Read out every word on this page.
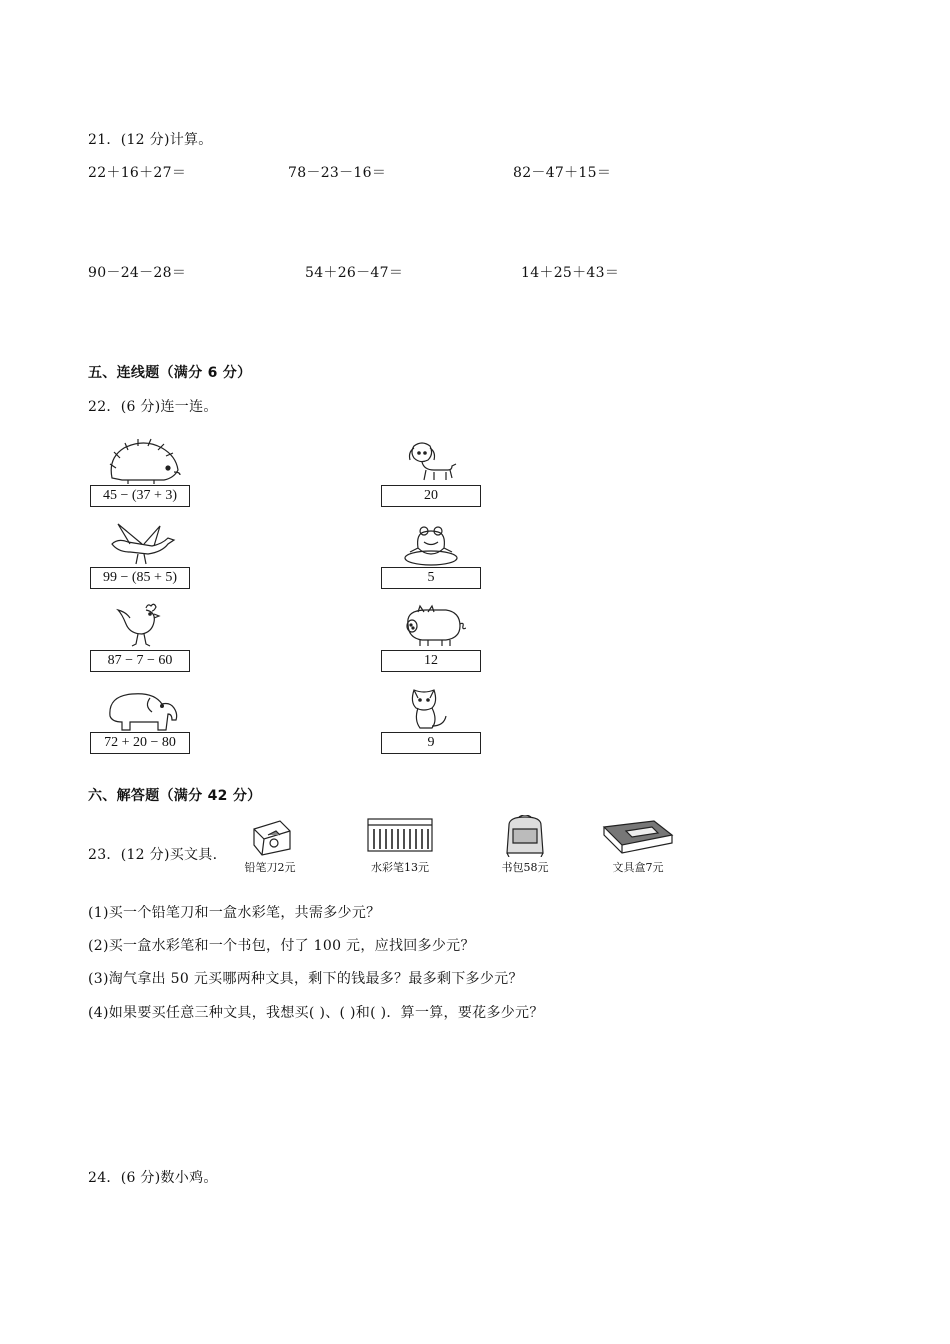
21．(12 分)计算。
22＋16＋27＝	78－23－16＝	82－47＋15＝
90－24－28＝	54＋26－47＝	14＋25＋43＝
五、连线题（满分 6 分）
22．(6 分)连一连。
45 − (37 + 3)
99 − (85 + 5)
87 − 7 − 60
72 + 20 − 80
20
5
12
9
六、解答题（满分 42 分）
23．(12 分)买文具.
铅笔刀2元	水彩笔13元	书包58元	文具盒7元
(1)买一个铅笔刀和一盒水彩笔，共需多少元？
(2)买一盒水彩笔和一个书包，付了 100 元，应找回多少元？
(3)淘气拿出 50 元买哪两种文具，剩下的钱最多？最多剩下多少元？
(4)如果要买任意三种文具，我想买( )、( )和( )．算一算，要花多少元？
24．(6 分)数小鸡。
